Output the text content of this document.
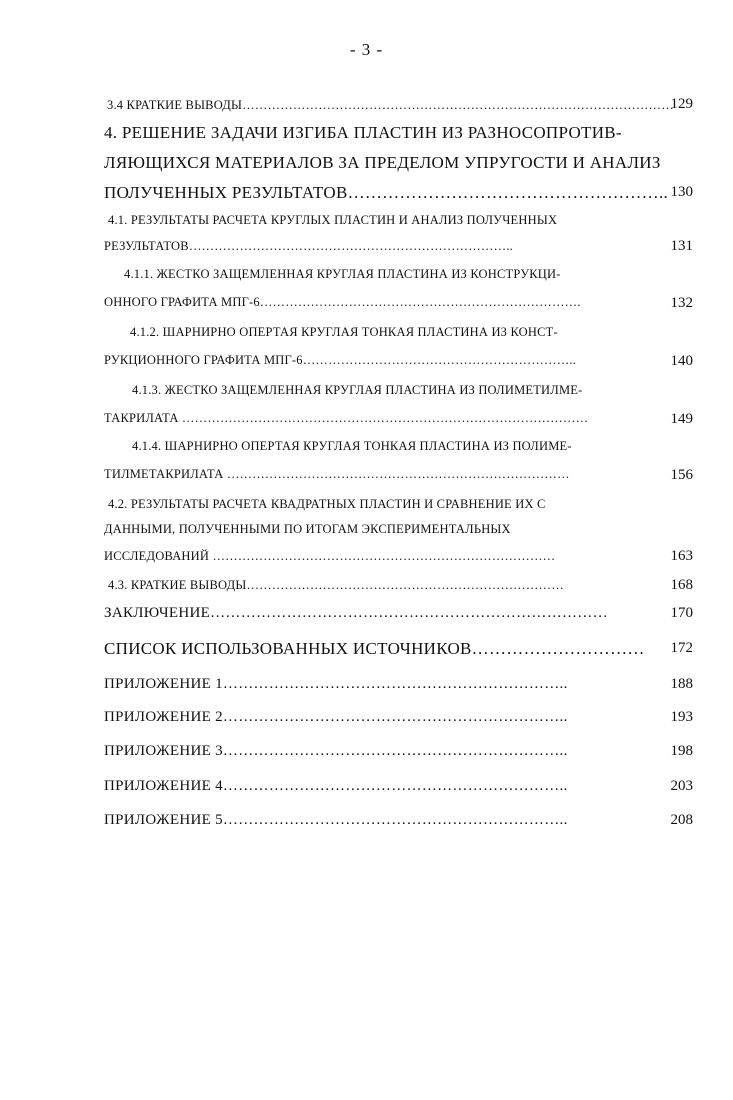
- 3 -
3.4 КРАТКИЕ ВЫВОДЫ…………………………………………………………………………………………
129
4. РЕШЕНИЕ ЗАДАЧИ ИЗГИБА ПЛАСТИН ИЗ РАЗНОСОПРОТИВ-
ЛЯЮЩИХСЯ МАТЕРИАЛОВ ЗА ПРЕДЕЛОМ УПРУГОСТИ И АНАЛИЗ
ПОЛУЧЕННЫХ РЕЗУЛЬТАТОВ……………………………………………….. 130
4.1. РЕЗУЛЬТАТЫ РАСЧЕТА КРУГЛЫХ ПЛАСТИН И АНАЛИЗ ПОЛУЧЕННЫХ
РЕЗУЛЬТАТОВ…………………………………………………………………..	131
4.1.1. ЖЕСТКО ЗАЩЕМЛЕННАЯ КРУГЛАЯ ПЛАСТИНА ИЗ КОНСТРУКЦИ-
ОННОГО ГРАФИТА МПГ-6………………………………………………………………….	132
4.1.2. ШАРНИРНО ОПЕРТАЯ КРУГЛАЯ ТОНКАЯ ПЛАСТИНА ИЗ КОНСТ-
РУКЦИОННОГО ГРАФИТА МПГ-6………………………………………………………..	140
4.1.3. ЖЕСТКО ЗАЩЕМЛЕННАЯ КРУГЛАЯ ПЛАСТИНА ИЗ ПОЛИМЕТИЛМЕ-
ТАКРИЛАТА ……………………………………………………………………………………	149
4.1.4. ШАРНИРНО ОПЕРТАЯ КРУГЛАЯ ТОНКАЯ ПЛАСТИНА ИЗ ПОЛИМЕ-
ТИЛМЕТАКРИЛАТА ………………………………………………………………………	156
4.2. РЕЗУЛЬТАТЫ РАСЧЕТА КВАДРАТНЫХ ПЛАСТИН И СРАВНЕНИЕ ИХ С
ДАННЫМИ, ПОЛУЧЕННЫМИ ПО ИТОГАМ ЭКСПЕРИМЕНТАЛЬНЫХ
ИССЛЕДОВАНИЙ ………………………………………………………………………	163
4.3. КРАТКИЕ ВЫВОДЫ…………………………………………………………………	168
ЗАКЛЮЧЕНИЕ……………………………………………………………………	170
СПИСОК ИСПОЛЬЗОВАННЫХ ИСТОЧНИКОВ…………………………	172
ПРИЛОЖЕНИЕ 1…………………………………………………………..	188
ПРИЛОЖЕНИЕ 2…………………………………………………………..	193
ПРИЛОЖЕНИЕ 3…………………………………………………………..	198
ПРИЛОЖЕНИЕ 4…………………………………………………………..	203
ПРИЛОЖЕНИЕ 5…………………………………………………………..	208
